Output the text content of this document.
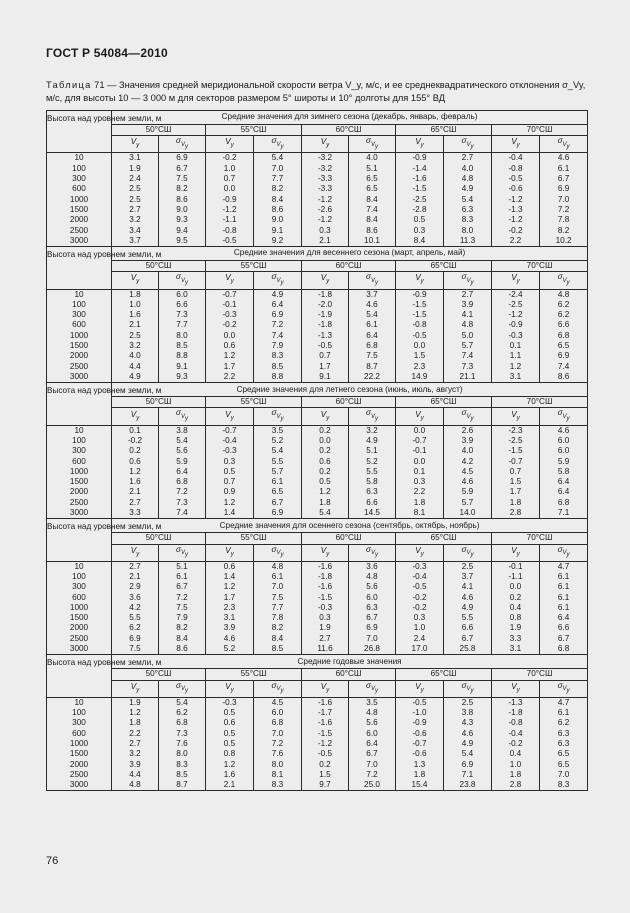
ГОСТ Р 54084—2010
Таблица 71 — Значения средней меридиональной скорости ветра V_y, м/с, и ее среднеквадратического отклонения σ_Vy, м/с, для высоты 10 — 3 000 м для секторов размером 5° широты и 10° долготы для 155° ВД
Высота над уровнем земли, м	Средние значения для зимнего сезона (декабрь, январь, февраль)									
	50°СШ		55°СШ		60°СШ		65°СШ		70°СШ	
	$V_y$	$\sigma_{V_y}$	$V_y$	$\sigma_{V_y}$	$V_y$	$\sigma_{V_y}$	$V_y$	$\sigma_{V_y}$	$V_y$	$\sigma_{V_y}$
10	3.1	6.9	-0.2	5.4	-3.2	4.0	-0.9	2.7	-0.4	4.6
100	1.9	6.7	1.0	7.0	-3.2	5.1	-1.4	4.0	-0.8	6.1
300	2.4	7.5	0.7	7.7	-3.3	6.5	-1.6	4.8	-0.5	6.7
600	2.5	8.2	0.0	8.2	-3.3	6.5	-1.5	4.9	-0.6	6.9
1000	2.5	8.6	-0.9	8.4	-1.2	8.4	-2.5	5.4	-1.2	7.0
1500	2.7	9.0	-1.2	8.6	-2.6	7.4	-2.8	6.3	-1.3	7.2
2000	3.2	9.3	-1.1	9.0	-1.2	8.4	0.5	8.3	-1.2	7.8
2500	3.4	9.4	-0.8	9.1	0.3	8.6	0.3	8.0	-0.2	8.2
3000	3.7	9.5	-0.5	9.2	2.1	10.1	8.4	11.3	2.2	10.2
Высота над уровнем земли, м	Средние значения для весеннего сезона (март, апрель, май)									
	50°СШ		55°СШ		60°СШ		65°СШ		70°СШ	
	$V_y$	$\sigma_{V_y}$	$V_y$	$\sigma_{V_y}$	$V_y$	$\sigma_{V_y}$	$V_y$	$\sigma_{V_y}$	$V_y$	$\sigma_{V_y}$
10	1.8	6.0	-0.7	4.9	-1.8	3.7	-0.9	2.7	-2.4	4.8
100	1.0	6.6	-0.1	6.4	-2.0	4.6	-1.5	3.9	-2.5	6.2
300	1.6	7.3	-0.3	6.9	-1.9	5.4	-1.5	4.1	-1.2	6.2
600	2.1	7.7	-0.2	7.2	-1.8	6.1	-0.8	4.8	-0.9	6.6
1000	2.5	8.0	0.0	7.4	-1.3	6.4	-0.5	5.0	-0.3	6.8
1500	3.2	8.5	0.6	7.9	-0.5	6.8	0.0	5.7	0.1	6.5
2000	4.0	8.8	1.2	8.3	0.7	7.5	1.5	7.4	1.1	6.9
2500	4.4	9.1	1.7	8.5	1.7	8.7	2.3	7.3	1.2	7.4
3000	4.9	9.3	2.2	8.8	9.1	22.2	14.9	21.1	3.1	8.6
Высота над уровнем земли, м	Средние значения для летнего сезона (июнь, июль, август)									
	50°СШ		55°СШ		60°СШ		65°СШ		70°СШ	
	$V_y$	$\sigma_{V_y}$	$V_y$	$\sigma_{V_y}$	$V_y$	$\sigma_{V_y}$	$V_y$	$\sigma_{V_y}$	$V_y$	$\sigma_{V_y}$
10	0.1	3.8	-0.7	3.5	0.2	3.2	0.0	2.6	-2.3	4.6
100	-0.2	5.4	-0.4	5.2	0.0	4.9	-0.7	3.9	-2.5	6.0
300	0.2	5.6	-0.3	5.4	0.2	5.1	-0.1	4.0	-1.5	6.0
600	0.6	5.9	0.3	5.5	0.6	5.2	0.0	4.2	-0.7	5.9
1000	1.2	6.4	0.5	5.7	0.2	5.5	0.1	4.5	0.7	5.8
1500	1.6	6.8	0.7	6.1	0.5	5.8	0.3	4.6	1.5	6.4
2000	2.1	7.2	0.9	6.5	1.2	6.3	2.2	5.9	1.7	6.4
2500	2.7	7.3	1.2	6.7	1.8	6.6	1.8	5.7	1.8	6.8
3000	3.3	7.4	1.4	6.9	5.4	14.5	8.1	14.0	2.8	7.1
Высота над уровнем земли, м	Средние значения для осеннего сезона (сентябрь, октябрь, ноябрь)									
	50°СШ		55°СШ		60°СШ		65°СШ		70°СШ	
	$V_y$	$\sigma_{V_y}$	$V_y$	$\sigma_{V_y}$	$V_y$	$\sigma_{V_y}$	$V_y$	$\sigma_{V_y}$	$V_y$	$\sigma_{V_y}$
10	2.7	5.1	0.6	4.8	-1.6	3.6	-0.3	2.5	-0.1	4.7
100	2.1	6.1	1.4	6.1	-1.8	4.8	-0.4	3.7	-1.1	6.1
300	2.9	6.7	1.2	7.0	-1.6	5.6	-0.5	4.1	0.0	6.1
600	3.6	7.2	1.7	7.5	-1.5	6.0	-0.2	4.6	0.2	6.1
1000	4.2	7.5	2.3	7.7	-0.3	6.3	-0.2	4.9	0.4	6.1
1500	5.5	7.9	3.1	7.8	0.3	6.7	0.3	5.5	0.8	6.4
2000	6.2	8.2	3.9	8.2	1.9	6.9	1.0	6.6	1.9	6.6
2500	6.9	8.4	4.6	8.4	2.7	7.0	2.4	6.7	3.3	6.7
3000	7.5	8.6	5.2	8.5	11.6	26.8	17.0	25.8	3.1	6.8
Высота над уровнем земли, м	Средние годовые значения									
	50°СШ		55°СШ		60°СШ		65°СШ		70°СШ	
	$V_y$	$\sigma_{V_y}$	$V_y$	$\sigma_{V_y}$	$V_y$	$\sigma_{V_y}$	$V_y$	$\sigma_{V_y}$	$V_y$	$\sigma_{V_y}$
10	1.9	5.4	-0.3	4.5	-1.6	3.5	-0.5	2.5	-1.3	4.7
100	1.2	6.2	0.5	6.0	-1.7	4.8	-1.0	3.8	-1.8	6.1
300	1.8	6.8	0.6	6.8	-1.6	5.6	-0.9	4.3	-0.8	6.2
600	2.2	7.3	0.5	7.0	-1.5	6.0	-0.6	4.6	-0.4	6.3
1000	2.7	7.6	0.5	7.2	-1.2	6.4	-0.7	4.9	-0.2	6.3
1500	3.2	8.0	0.8	7.6	-0.5	6.7	-0.6	5.4	0.4	6.5
2000	3.9	8.3	1.2	8.0	0.2	7.0	1.3	6.9	1.0	6.5
2500	4.4	8.5	1.6	8.1	1.5	7.2	1.8	7.1	1.8	7.0
3000	4.8	8.7	2.1	8.3	9.7	25.0	15.4	23.8	2.8	8.3
76
